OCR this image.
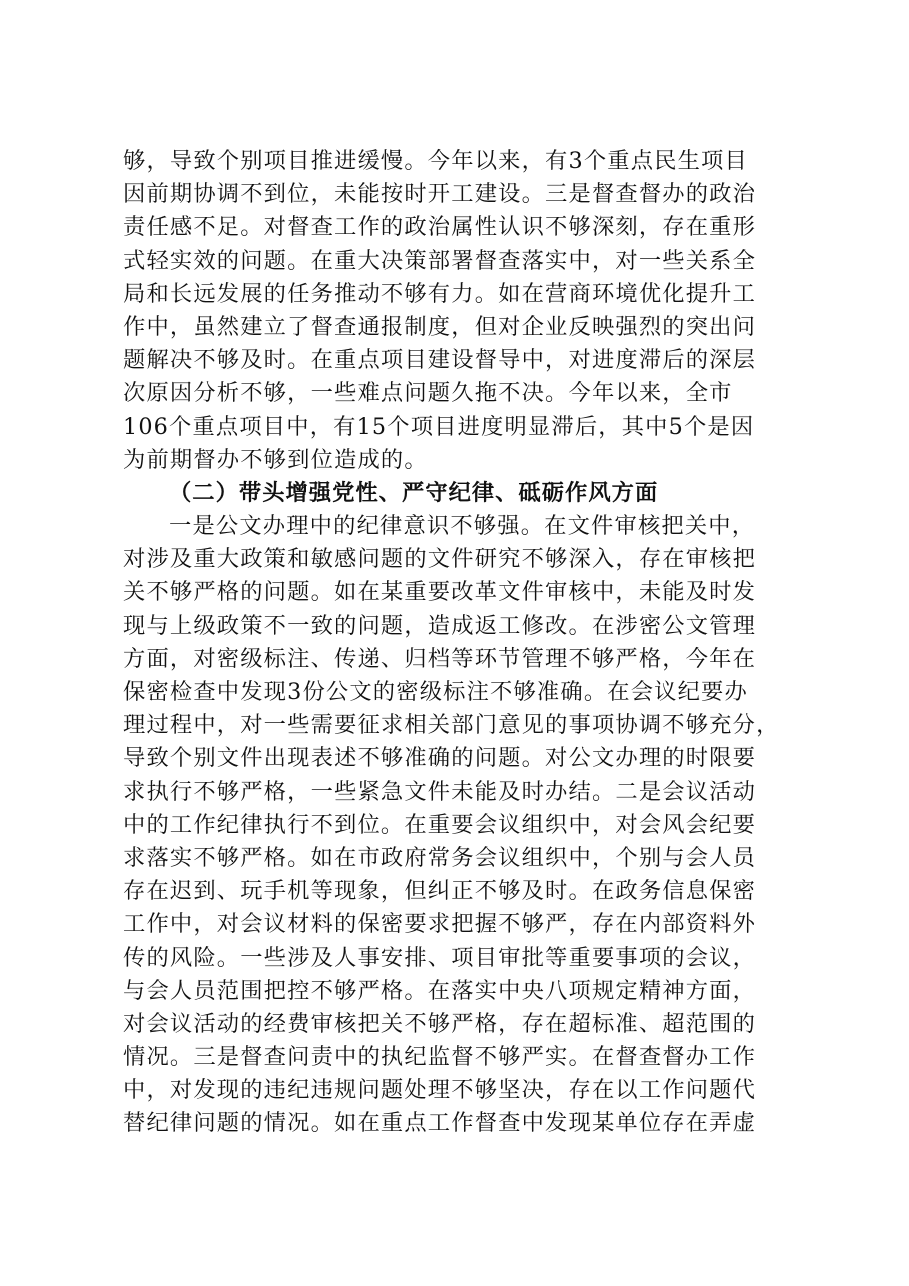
够，导致个别项目推进缓慢。今年以来，有3个重点民生项目
因前期协调不到位，未能按时开工建设。三是督查督办的政治
责任感不足。对督查工作的政治属性认识不够深刻，存在重形
式轻实效的问题。在重大决策部署督查落实中，对一些关系全
局和长远发展的任务推动不够有力。如在营商环境优化提升工
作中，虽然建立了督查通报制度，但对企业反映强烈的突出问
题解决不够及时。在重点项目建设督导中，对进度滞后的深层
次原因分析不够，一些难点问题久拖不决。今年以来，全市
106个重点项目中，有15个项目进度明显滞后，其中5个是因
为前期督办不够到位造成的。
（二）带头增强党性、严守纪律、砥砺作风方面
一是公文办理中的纪律意识不够强。在文件审核把关中，
对涉及重大政策和敏感问题的文件研究不够深入，存在审核把
关不够严格的问题。如在某重要改革文件审核中，未能及时发
现与上级政策不一致的问题，造成返工修改。在涉密公文管理
方面，对密级标注、传递、归档等环节管理不够严格，今年在
保密检查中发现3份公文的密级标注不够准确。在会议纪要办
理过程中，对一些需要征求相关部门意见的事项协调不够充分，
导致个别文件出现表述不够准确的问题。对公文办理的时限要
求执行不够严格，一些紧急文件未能及时办结。二是会议活动
中的工作纪律执行不到位。在重要会议组织中，对会风会纪要
求落实不够严格。如在市政府常务会议组织中，个别与会人员
存在迟到、玩手机等现象，但纠正不够及时。在政务信息保密
工作中，对会议材料的保密要求把握不够严，存在内部资料外
传的风险。一些涉及人事安排、项目审批等重要事项的会议，
与会人员范围把控不够严格。在落实中央八项规定精神方面，
对会议活动的经费审核把关不够严格，存在超标准、超范围的
情况。三是督查问责中的执纪监督不够严实。在督查督办工作
中，对发现的违纪违规问题处理不够坚决，存在以工作问题代
替纪律问题的情况。如在重点工作督查中发现某单位存在弄虚
